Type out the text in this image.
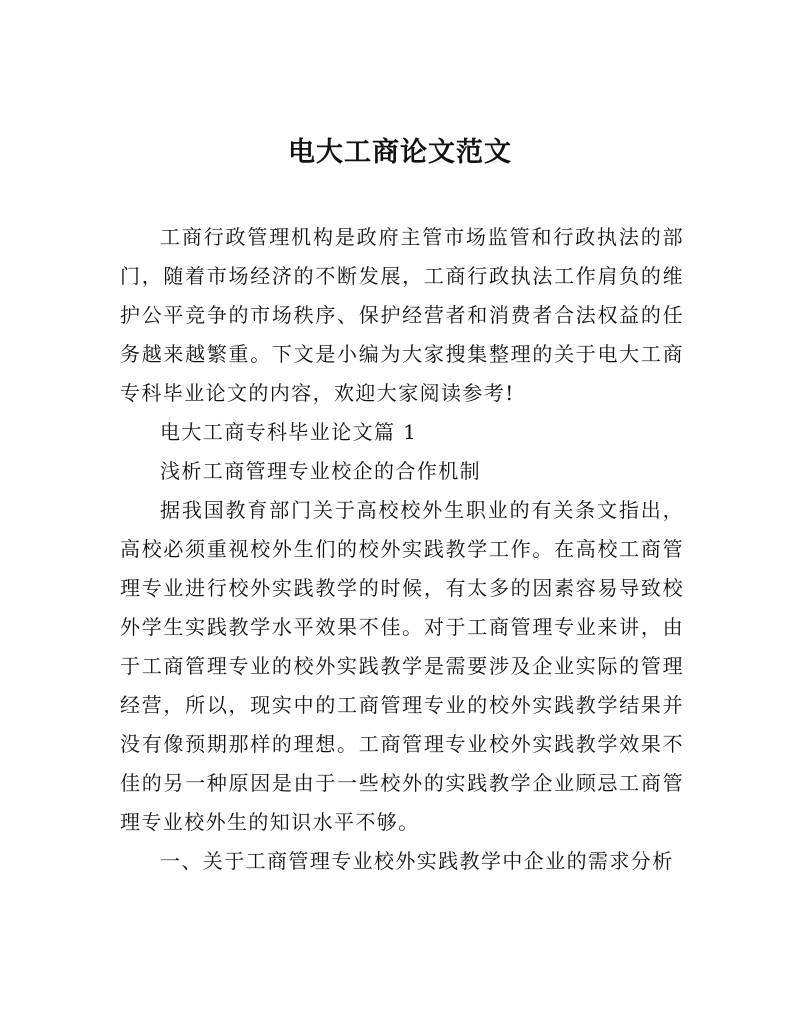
电大工商论文范文

工商行政管理机构是政府主管市场监管和行政执法的部门，随着市场经济的不断发展，工商行政执法工作肩负的维护公平竞争的市场秩序、保护经营者和消费者合法权益的任务越来越繁重。下文是小编为大家搜集整理的关于电大工商专科毕业论文的内容，欢迎大家阅读参考!

电大工商专科毕业论文篇 1

浅析工商管理专业校企的合作机制

据我国教育部门关于高校校外生职业的有关条文指出，高校必须重视校外生们的校外实践教学工作。在高校工商管理专业进行校外实践教学的时候，有太多的因素容易导致校外学生实践教学水平效果不佳。对于工商管理专业来讲，由于工商管理专业的校外实践教学是需要涉及企业实际的管理经营，所以，现实中的工商管理专业的校外实践教学结果并没有像预期那样的理想。工商管理专业校外实践教学效果不佳的另一种原因是由于一些校外的实践教学企业顾忌工商管理专业校外生的知识水平不够。

一、关于工商管理专业校外实践教学中企业的需求分析
